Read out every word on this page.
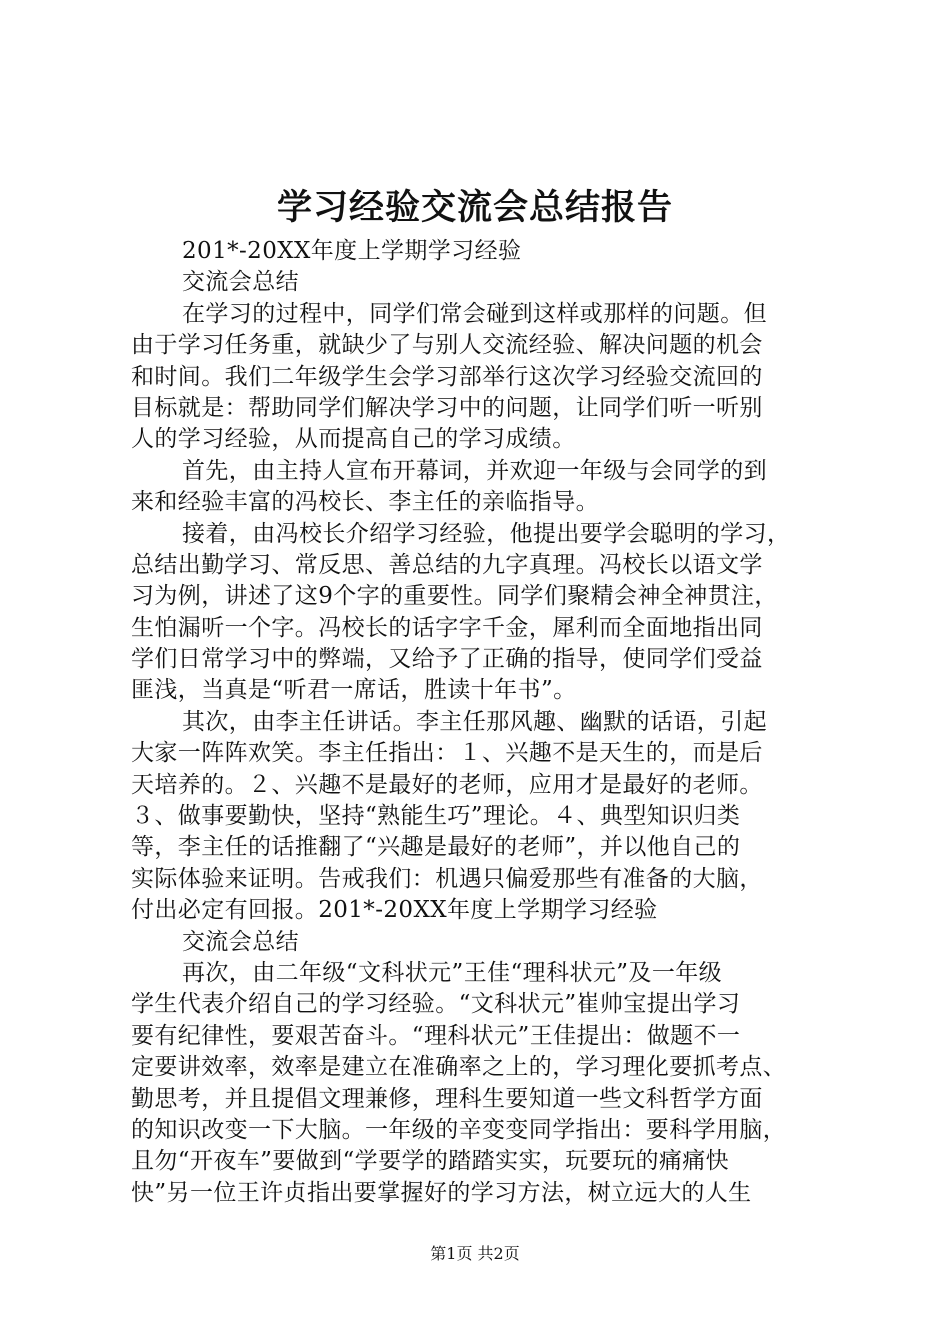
学习经验交流会总结报告
201*-20XX年度上学期学习经验
交流会总结
在学习的过程中，同学们常会碰到这样或那样的问题。但
由于学习任务重，就缺少了与别人交流经验、解决问题的机会
和时间。我们二年级学生会学习部举行这次学习经验交流回的
目标就是：帮助同学们解决学习中的问题，让同学们听一听别
人的学习经验，从而提高自己的学习成绩。
首先，由主持人宣布开幕词，并欢迎一年级与会同学的到
来和经验丰富的冯校长、李主任的亲临指导。
接着，由冯校长介绍学习经验，他提出要学会聪明的学习，
总结出勤学习、常反思、善总结的九字真理。冯校长以语文学
习为例，讲述了这9个字的重要性。同学们聚精会神全神贯注，
生怕漏听一个字。冯校长的话字字千金，犀利而全面地指出同
学们日常学习中的弊端，又给予了正确的指导，使同学们受益
匪浅，当真是“听君一席话，胜读十年书”。
其次，由李主任讲话。李主任那风趣、幽默的话语，引起
大家一阵阵欢笑。李主任指出：１、兴趣不是天生的，而是后
天培养的。２、兴趣不是最好的老师，应用才是最好的老师。
３、做事要勤快，坚持“熟能生巧”理论。４、典型知识归类
等，李主任的话推翻了“兴趣是最好的老师”，并以他自己的
实际体验来证明。告戒我们：机遇只偏爱那些有准备的大脑，
付出必定有回报。201*-20XX年度上学期学习经验
交流会总结
再次，由二年级“文科状元”王佳“理科状元”及一年级
学生代表介绍自己的学习经验。“文科状元”崔帅宝提出学习
要有纪律性，要艰苦奋斗。“理科状元”王佳提出：做题不一
定要讲效率，效率是建立在准确率之上的，学习理化要抓考点、
勤思考，并且提倡文理兼修，理科生要知道一些文科哲学方面
的知识改变一下大脑。一年级的辛变变同学指出：要科学用脑，
且勿“开夜车”要做到“学要学的踏踏实实，玩要玩的痛痛快
快”另一位王许贞指出要掌握好的学习方法，树立远大的人生
第1页 共2页
